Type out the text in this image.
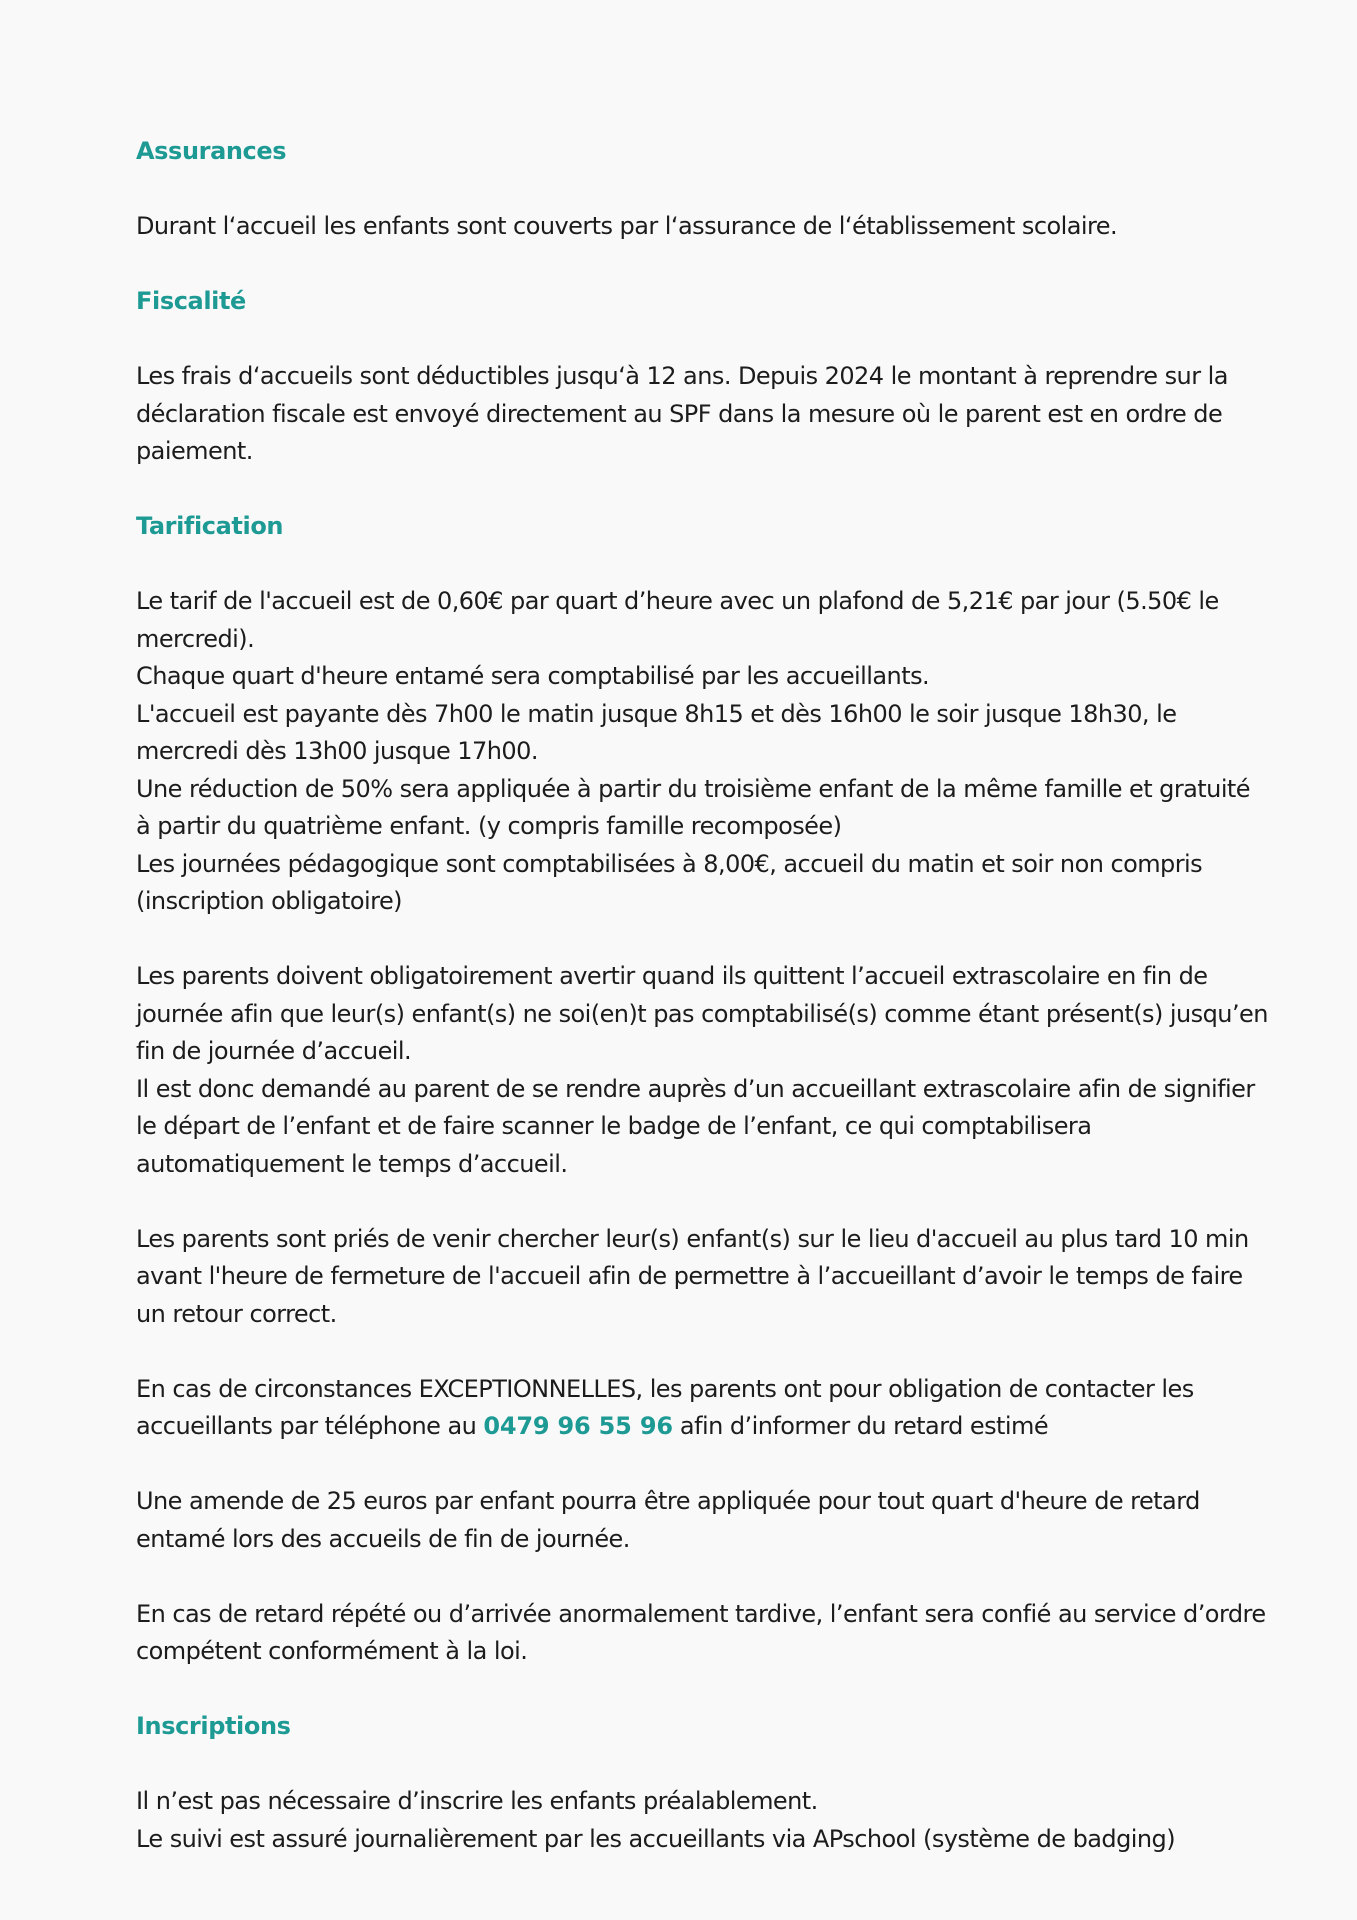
Assurances
Durant l‘accueil les enfants sont couverts par l‘assurance de l‘établissement scolaire.
Fiscalité
Les frais d‘accueils sont déductibles jusqu‘à 12 ans. Depuis 2024 le montant à reprendre sur la
déclaration fiscale est envoyé directement au SPF dans la mesure où le parent est en ordre de
paiement.
Tarification
Le tarif de l'accueil est de 0,60€ par quart d’heure avec un plafond de 5,21€ par jour (5.50€ le
mercredi).
Chaque quart d'heure entamé sera comptabilisé par les accueillants.
L'accueil est payante dès 7h00 le matin jusque 8h15 et dès 16h00 le soir jusque 18h30, le
mercredi dès 13h00 jusque 17h00.
Une réduction de 50% sera appliquée à partir du troisième enfant de la même famille et gratuité
à partir du quatrième enfant. (y compris famille recomposée)
Les journées pédagogique sont comptabilisées à 8,00€, accueil du matin et soir non compris
(inscription obligatoire)
Les parents doivent obligatoirement avertir quand ils quittent l’accueil extrascolaire en fin de
journée afin que leur(s) enfant(s) ne soi(en)t pas comptabilisé(s) comme étant présent(s) jusqu’en
fin de journée d’accueil.
Il est donc demandé au parent de se rendre auprès d’un accueillant extrascolaire afin de signifier
le départ de l’enfant et de faire scanner le badge de l’enfant, ce qui comptabilisera
automatiquement le temps d’accueil.
Les parents sont priés de venir chercher leur(s) enfant(s) sur le lieu d'accueil au plus tard 10 min
avant l'heure de fermeture de l'accueil afin de permettre à l’accueillant d’avoir le temps de faire
un retour correct.
En cas de circonstances EXCEPTIONNELLES, les parents ont pour obligation de contacter les
accueillants par téléphone au 0479 96 55 96 afin d’informer du retard estimé
Une amende de 25 euros par enfant pourra être appliquée pour tout quart d'heure de retard
entamé lors des accueils de fin de journée.
En cas de retard répété ou d’arrivée anormalement tardive, l’enfant sera confié au service d’ordre
compétent conformément à la loi.
Inscriptions
Il n’est pas nécessaire d’inscrire les enfants préalablement.
Le suivi est assuré journalièrement par les accueillants via APschool (système de badging)
